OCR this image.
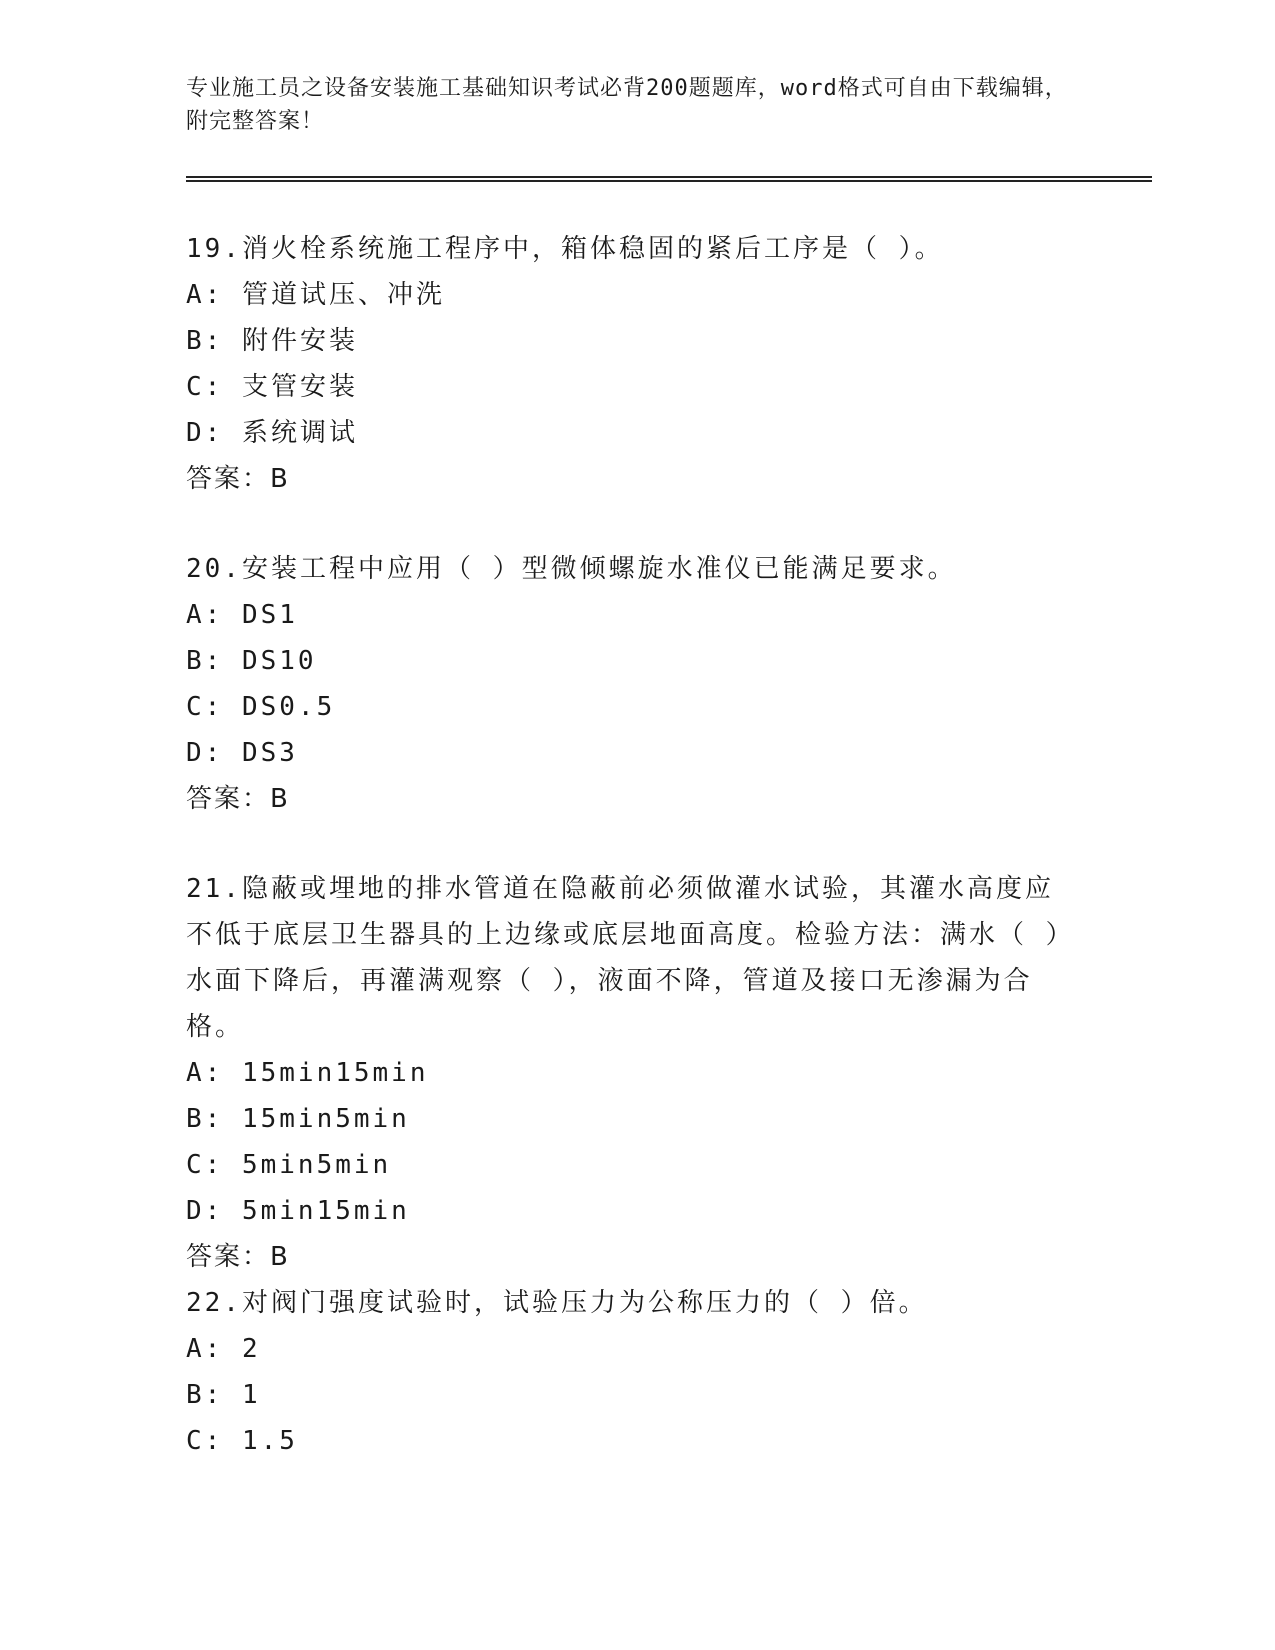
专业施工员之设备安装施工基础知识考试必背200题题库，word格式可自由下载编辑，附完整答案！

19.消火栓系统施工程序中，箱体稳固的紧后工序是（ ）。

A: 管道试压、冲洗

B: 附件安装

C: 支管安装

D: 系统调试

答案：B

20.安装工程中应用（ ）型微倾螺旋水准仪已能满足要求。

A: DS1

B: DS10

C: DS0.5

D: DS3

答案：B

21.隐蔽或埋地的排水管道在隐蔽前必须做灌水试验，其灌水高度应不低于底层卫生器具的上边缘或底层地面高度。检验方法：满水（ ）水面下降后，再灌满观察（ ），液面不降，管道及接口无渗漏为合格。

A: 15min15min

B: 15min5min

C: 5min5min

D: 5min15min

答案：B

22.对阀门强度试验时，试验压力为公称压力的（ ）倍。

A: 2

B: 1

C: 1.5
